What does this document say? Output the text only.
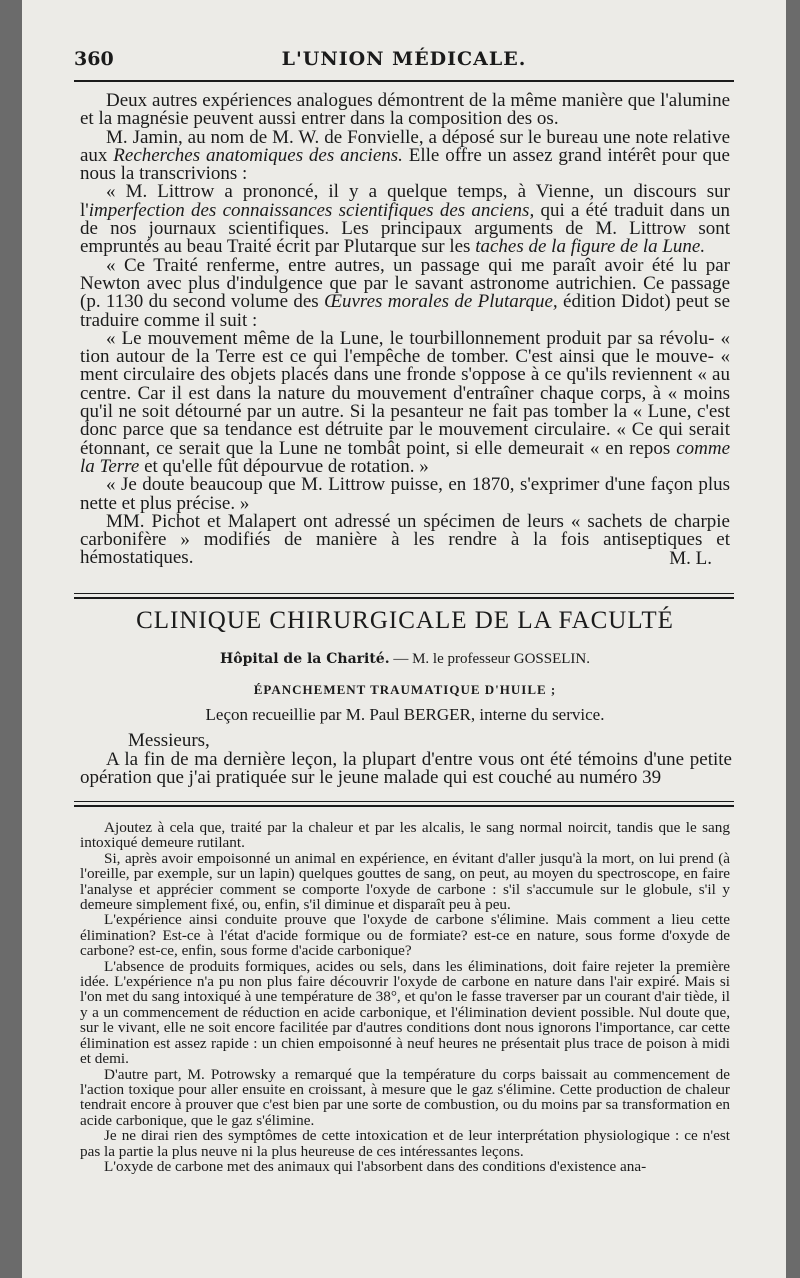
360	L'UNION MÉDICALE.

Deux autres expériences analogues démontrent de la même manière que l'alumine et la magnésie peuvent aussi entrer dans la composition des os.

M. Jamin, au nom de M. W. de Fonvielle, a déposé sur le bureau une note relative aux Recherches anatomiques des anciens. Elle offre un assez grand intérêt pour que nous la transcrivions :

« M. Littrow a prononcé, il y a quelque temps, à Vienne, un discours sur l'imperfection des connaissances scientifiques des anciens, qui a été traduit dans un de nos journaux scientifiques. Les principaux arguments de M. Littrow sont empruntés au beau Traité écrit par Plutarque sur les taches de la figure de la Lune.

« Ce Traité renferme, entre autres, un passage qui me paraît avoir été lu par Newton avec plus d'indulgence que par le savant astronome autrichien. Ce passage (p. 1130 du second volume des Œuvres morales de Plutarque, édition Didot) peut se traduire comme il suit :

« Le mouvement même de la Lune, le tourbillonnement produit par sa révolu- « tion autour de la Terre est ce qui l'empêche de tomber. C'est ainsi que le mouve- « ment circulaire des objets placés dans une fronde s'oppose à ce qu'ils reviennent « au centre. Car il est dans la nature du mouvement d'entraîner chaque corps, à « moins qu'il ne soit détourné par un autre. Si la pesanteur ne fait pas tomber la « Lune, c'est donc parce que sa tendance est détruite par le mouvement circulaire. « Ce qui serait étonnant, ce serait que la Lune ne tombât point, si elle demeurait « en repos comme la Terre et qu'elle fût dépourvue de rotation. »

« Je doute beaucoup que M. Littrow puisse, en 1870, s'exprimer d'une façon plus nette et plus précise. »

MM. Pichot et Malapert ont adressé un spécimen de leurs « sachets de charpie carbonifère » modifiés de manière à les rendre à la fois antiseptiques et hémostatiques.	M. L.
CLINIQUE CHIRURGICALE DE LA FACULTÉ
Hôpital de la Charité. — M. le professeur GOSSELIN.
ÉPANCHEMENT TRAUMATIQUE D'HUILE ;
Leçon recueillie par M. Paul BERGER, interne du service.

Messieurs,

A la fin de ma dernière leçon, la plupart d'entre vous ont été témoins d'une petite opération que j'ai pratiquée sur le jeune malade qui est couché au numéro 39

Ajoutez à cela que, traité par la chaleur et par les alcalis, le sang normal noircit, tandis que le sang intoxiqué demeure rutilant.

Si, après avoir empoisonné un animal en expérience, en évitant d'aller jusqu'à la mort, on lui prend (à l'oreille, par exemple, sur un lapin) quelques gouttes de sang, on peut, au moyen du spectroscope, en faire l'analyse et apprécier comment se comporte l'oxyde de carbone : s'il s'accumule sur le globule, s'il y demeure simplement fixé, ou, enfin, s'il diminue et disparaît peu à peu.

L'expérience ainsi conduite prouve que l'oxyde de carbone s'élimine. Mais comment a lieu cette élimination? Est-ce à l'état d'acide formique ou de formiate? est-ce en nature, sous forme d'oxyde de carbone? est-ce, enfin, sous forme d'acide carbonique?

L'absence de produits formiques, acides ou sels, dans les éliminations, doit faire rejeter la première idée. L'expérience n'a pu non plus faire découvrir l'oxyde de carbone en nature dans l'air expiré. Mais si l'on met du sang intoxiqué à une température de 38°, et qu'on le fasse traverser par un courant d'air tiède, il y a un commencement de réduction en acide carbonique, et l'élimination devient possible. Nul doute que, sur le vivant, elle ne soit encore facilitée par d'autres conditions dont nous ignorons l'importance, car cette élimination est assez rapide : un chien empoisonné à neuf heures ne présentait plus trace de poison à midi et demi.

D'autre part, M. Potrowsky a remarqué que la température du corps baissait au commencement de l'action toxique pour aller ensuite en croissant, à mesure que le gaz s'élimine. Cette production de chaleur tendrait encore à prouver que c'est bien par une sorte de combustion, ou du moins par sa transformation en acide carbonique, que le gaz s'élimine.

Je ne dirai rien des symptômes de cette intoxication et de leur interprétation physiologique : ce n'est pas la partie la plus neuve ni la plus heureuse de ces intéressantes leçons.

L'oxyde de carbone met des animaux qui l'absorbent dans des conditions d'existence ana-
